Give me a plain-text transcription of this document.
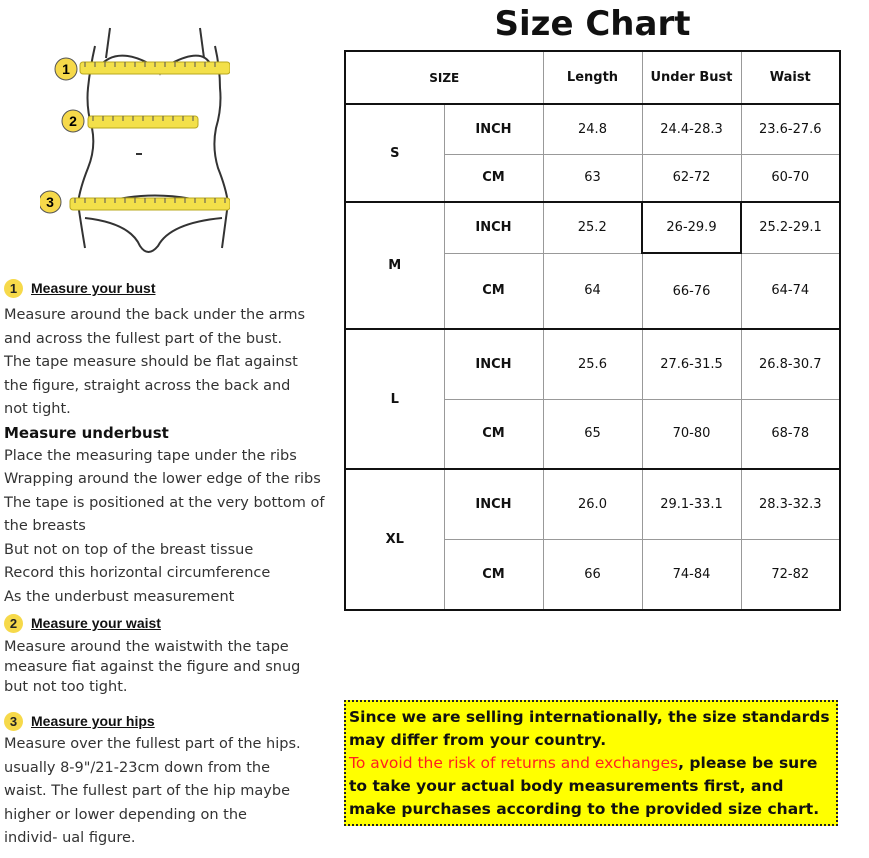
1
2
3
1 Measure your bust
Measure around the back under the arms
and across the fullest part of the bust.
The tape measure should be flat against
the figure, straight across the back and
not tight.
Measure underbust
Place the measuring tape under the ribs
Wrapping around the lower edge of the ribs
The tape is positioned at the very bottom of
the breasts
But not on top of the breast tissue
Record this horizontal circumference
As the underbust measurement
2 Measure your waist
Measure around the waistwith the tape
measure fiat against the figure and snug
but not too tight.
3 Measure your hips
Measure over the fullest part of the hips.
usually 8-9"/21-23cm down from the
waist. The fullest part of the hip maybe
higher or lower depending on the
individ- ual figure.
Size Chart
SIZE		Length	Under Bust	Waist
S	INCH	24.8	24.4-28.3	23.6-27.6
	CM	63	62-72	60-70
M	INCH	25.2	26-29.9	25.2-29.1
	CM	64	66-76	64-74
L	INCH	25.6	27.6-31.5	26.8-30.7
	CM	65	70-80	68-78
XL	INCH	26.0	29.1-33.1	28.3-32.3
	CM	66	74-84	72-82
Since we are selling internationally, the size standards may differ from your country.
To avoid the risk of returns and exchanges, please be sure to take your actual body measurements first, and make purchases according to the provided size chart.
